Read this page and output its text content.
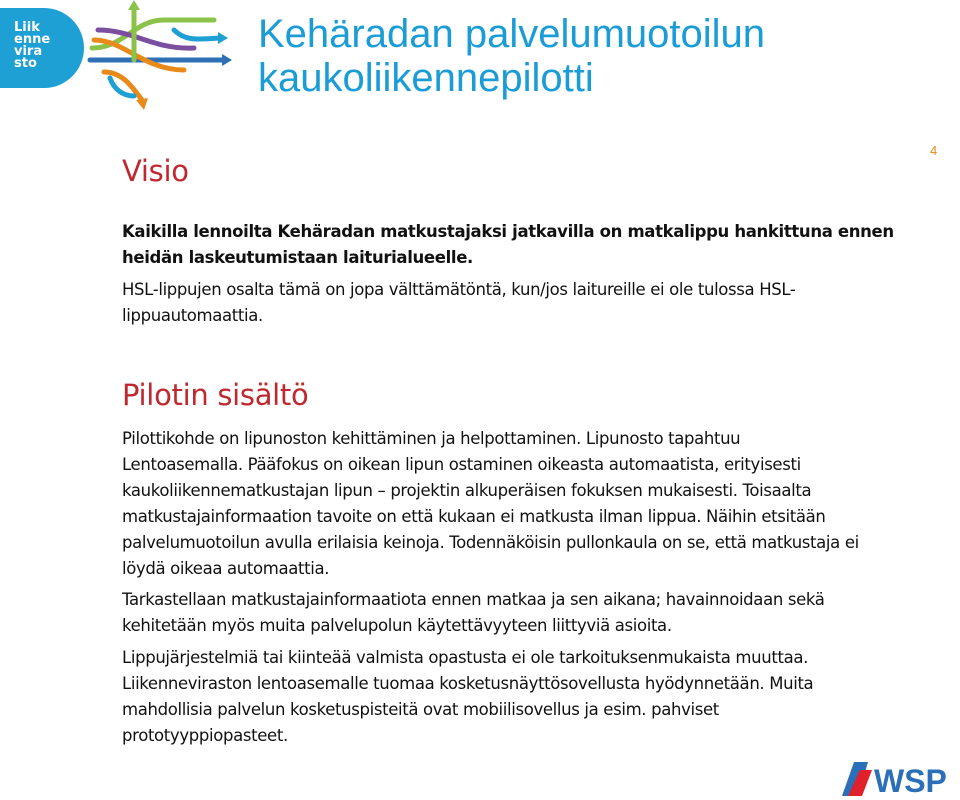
Liik
enne
vira
sto
Kehäradan palvelumuotoilun
kaukoliikennepilotti
4
Visio
Kaikilla lennoilta Kehäradan matkustajaksi jatkavilla on matkalippu hankittuna ennen
heidän laskeutumistaan laiturialueelle.
HSL-lippujen osalta tämä on jopa välttämätöntä, kun/jos laitureille ei ole tulossa HSL-
lippuautomaattia.
Pilotin sisältö
Pilottikohde on lipunoston kehittäminen ja helpottaminen. Lipunosto tapahtuu
Lentoasemalla. Pääfokus on oikean lipun ostaminen oikeasta automaatista, erityisesti
kaukoliikennematkustajan lipun – projektin alkuperäisen fokuksen mukaisesti. Toisaalta
matkustajainformaation tavoite on että kukaan ei matkusta ilman lippua. Näihin etsitään
palvelumuotoilun avulla erilaisia keinoja. Todennäköisin pullonkaula on se, että matkustaja ei
löydä oikeaa automaattia.
Tarkastellaan matkustajainformaatiota ennen matkaa ja sen aikana; havainnoidaan sekä
kehitetään myös muita palvelupolun käytettävyyteen liittyviä asioita.
Lippujärjestelmiä tai kiinteää valmista opastusta ei ole tarkoituksenmukaista muuttaa.
Liikenneviraston lentoasemalle tuomaa kosketusnäyttösovellusta hyödynnetään. Muita
mahdollisia palvelun kosketuspisteitä ovat mobiilisovellus ja esim. pahviset
prototyyppiopasteet.
WSP
